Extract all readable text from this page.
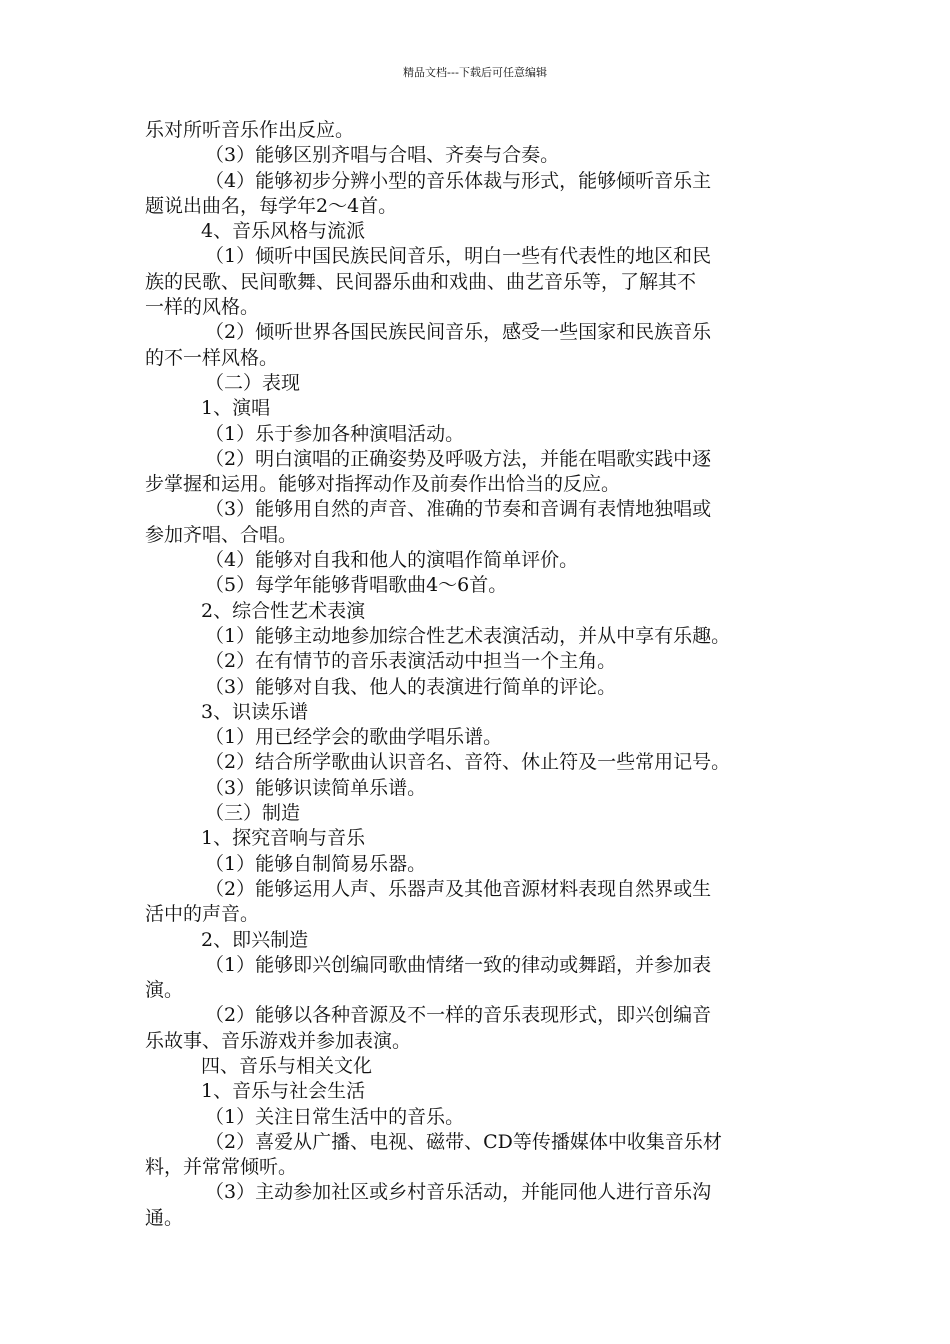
精品文档---下载后可任意编辑
乐对所听音乐作出反应。
（3）能够区别齐唱与合唱、齐奏与合奏。
（4）能够初步分辨小型的音乐体裁与形式，能够倾听音乐主
题说出曲名，每学年2～4首。
4、音乐风格与流派
（1）倾听中国民族民间音乐，明白一些有代表性的地区和民
族的民歌、民间歌舞、民间器乐曲和戏曲、曲艺音乐等，了解其不
一样的风格。
（2）倾听世界各国民族民间音乐，感受一些国家和民族音乐
的不一样风格。
（二）表现
1、演唱
（1）乐于参加各种演唱活动。
（2）明白演唱的正确姿势及呼吸方法，并能在唱歌实践中逐
步掌握和运用。能够对指挥动作及前奏作出恰当的反应。
（3）能够用自然的声音、准确的节奏和音调有表情地独唱或
参加齐唱、合唱。
（4）能够对自我和他人的演唱作简单评价。
（5）每学年能够背唱歌曲4～6首。
2、综合性艺术表演
（1）能够主动地参加综合性艺术表演活动，并从中享有乐趣。
（2）在有情节的音乐表演活动中担当一个主角。
（3）能够对自我、他人的表演进行简单的评论。
3、识读乐谱
（1）用已经学会的歌曲学唱乐谱。
（2）结合所学歌曲认识音名、音符、休止符及一些常用记号。
（3）能够识读简单乐谱。
（三）制造
1、探究音响与音乐
（1）能够自制简易乐器。
（2）能够运用人声、乐器声及其他音源材料表现自然界或生
活中的声音。
2、即兴制造
（1）能够即兴创编同歌曲情绪一致的律动或舞蹈，并参加表
演。
（2）能够以各种音源及不一样的音乐表现形式，即兴创编音
乐故事、音乐游戏并参加表演。
四、音乐与相关文化
1、音乐与社会生活
（1）关注日常生活中的音乐。
（2）喜爱从广播、电视、磁带、CD等传播媒体中收集音乐材
料，并常常倾听。
（3）主动参加社区或乡村音乐活动，并能同他人进行音乐沟
通。
